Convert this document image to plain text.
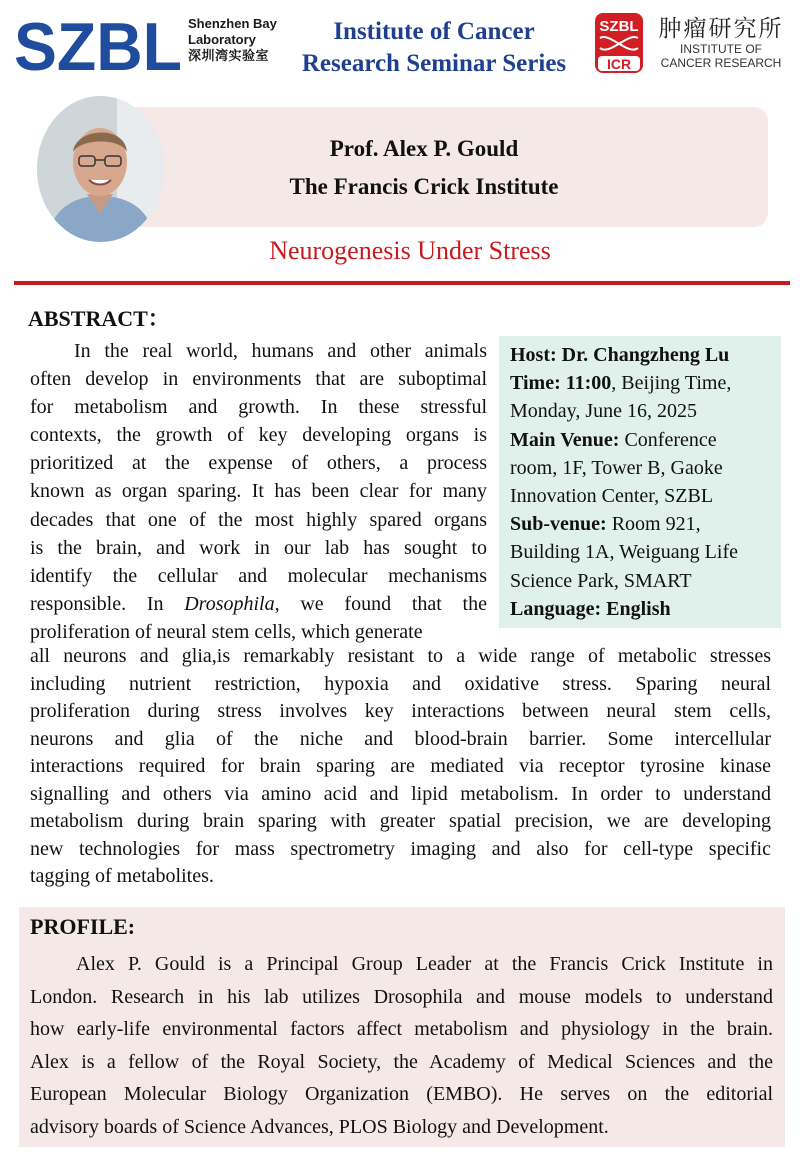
SZBL Shenzhen Bay
Laboratory
深圳湾实验室
Institute of Cancer
Research Seminar Series
SZBL
ICR
肿瘤研究所
INSTITUTE OF
CANCER RESEARCH
Prof. Alex P. Gould
The Francis Crick Institute
Neurogenesis Under Stress
ABSTRACT：
In the real world, humans and other animals
often develop in environments that are suboptimal
for metabolism and growth. In these stressful
contexts, the growth of key developing organs is
prioritized at the expense of others, a process
known as organ sparing. It has been clear for many
decades that one of the most highly spared organs
is the brain, and work in our lab has sought to
identify the cellular and molecular mechanisms
responsible. In Drosophila, we found that the
proliferation of neural stem cells, which generate
Host: Dr. Changzheng Lu
Time: 11:00, Beijing Time,
Monday, June 16, 2025
Main Venue: Conference
room, 1F, Tower B, Gaoke
Innovation Center, SZBL
Sub-venue: Room 921,
Building 1A, Weiguang Life
Science Park, SMART
Language: English
all neurons and glia,is remarkably resistant to a wide range of metabolic stresses
including nutrient restriction, hypoxia and oxidative stress. Sparing neural
proliferation during stress involves key interactions between neural stem cells,
neurons and glia of the niche and blood-brain barrier. Some intercellular
interactions required for brain sparing are mediated via receptor tyrosine kinase
signalling and others via amino acid and lipid metabolism. In order to understand
metabolism during brain sparing with greater spatial precision, we are developing
new technologies for mass spectrometry imaging and also for cell-type specific
tagging of metabolites.
PROFILE:
Alex P. Gould is a Principal Group Leader at the Francis Crick Institute in
London. Research in his lab utilizes Drosophila and mouse models to understand
how early-life environmental factors affect metabolism and physiology in the brain.
Alex is a fellow of the Royal Society, the Academy of Medical Sciences and the
European Molecular Biology Organization (EMBO). He serves on the editorial
advisory boards of Science Advances, PLOS Biology and Development.
